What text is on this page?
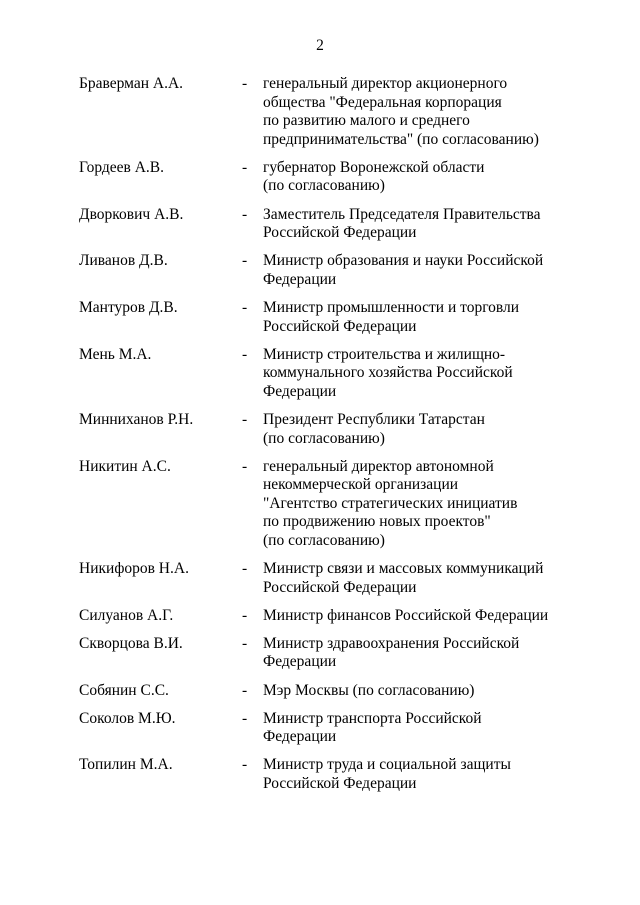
2
Браверман А.А.	- генеральный директор акционерного
общества "Федеральная корпорация
по развитию малого и среднего
предпринимательства" (по согласованию)
Гордеев А.В.	- губернатор Воронежской области
(по согласованию)
Дворкович А.В.	- Заместитель Председателя Правительства
Российской Федерации
Ливанов Д.В.	- Министр образования и науки Российской
Федерации
Мантуров Д.В.	- Министр промышленности и торговли
Российской Федерации
Мень М.А.	- Министр строительства и жилищно-
коммунального хозяйства Российской
Федерации
Минниханов Р.Н.	- Президент Республики Татарстан
(по согласованию)
Никитин А.С.	- генеральный директор автономной
некоммерческой организации
"Агентство стратегических инициатив
по продвижению новых проектов"
(по согласованию)
Никифоров Н.А.	- Министр связи и массовых коммуникаций
Российской Федерации
Силуанов А.Г.	- Министр финансов Российской Федерации
Скворцова В.И.	- Министр здравоохранения Российской
Федерации
Собянин С.С.	- Мэр Москвы (по согласованию)
Соколов М.Ю.	- Министр транспорта Российской
Федерации
Топилин М.А.	- Министр труда и социальной защиты
Российской Федерации
